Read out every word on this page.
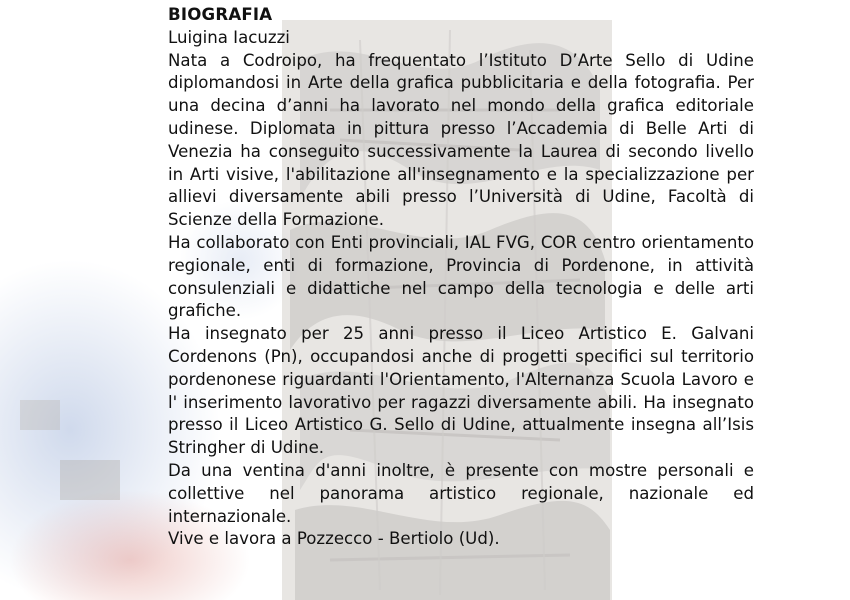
BIOGRAFIA

Luigina Iacuzzi

Nata a Codroipo, ha frequentato l’Istituto D’Arte Sello di Udine diplomandosi in Arte della grafica pubblicitaria e della fotografia. Per una decina d’anni ha lavorato nel mondo della grafica editoriale udinese. Diplomata in pittura presso l’Accademia di Belle Arti di Venezia ha conseguito successivamente la Laurea di secondo livello in Arti visive, l'abilitazione all'insegnamento e la specializzazione per allievi diversamente abili presso l’Università di Udine, Facoltà di Scienze della Formazione.

Ha collaborato con Enti provinciali, IAL FVG, COR centro orientamento regionale, enti di formazione, Provincia di Pordenone, in attività consulenziali e didattiche nel campo della tecnologia e delle arti grafiche.

Ha insegnato per 25 anni presso il Liceo Artistico E. Galvani Cordenons (Pn), occupandosi anche di progetti specifici sul territorio pordenonese riguardanti l'Orientamento, l'Alternanza Scuola Lavoro e l' inserimento lavorativo per ragazzi diversamente abili. Ha insegnato presso il Liceo Artistico G. Sello di Udine, attualmente insegna all’Isis Stringher di Udine.

Da una ventina d'anni inoltre, è presente con mostre personali e collettive nel panorama artistico regionale, nazionale ed internazionale.

Vive e lavora a Pozzecco - Bertiolo (Ud).
